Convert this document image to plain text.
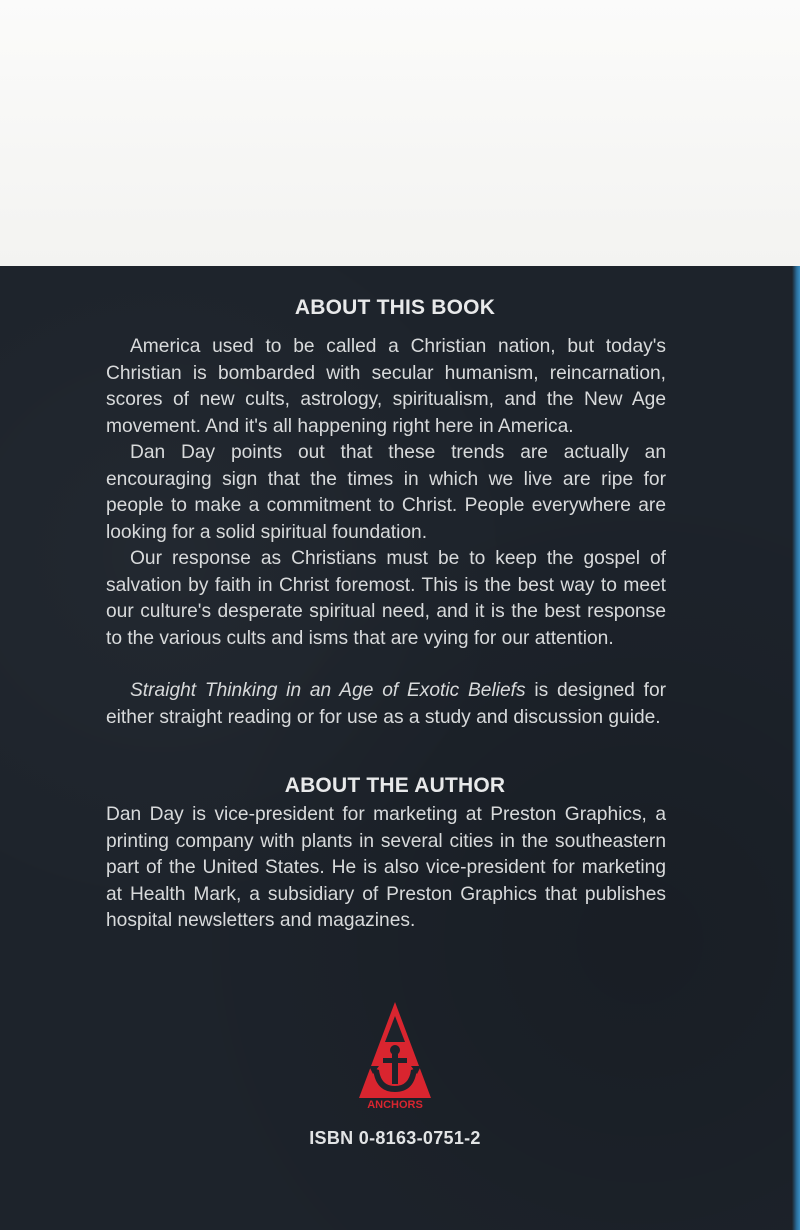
ABOUT THIS BOOK

America used to be called a Christian nation, but today's Christian is bombarded with secular humanism, reincarnation, scores of new cults, astrology, spiritualism, and the New Age movement. And it's all happening right here in America.

Dan Day points out that these trends are actually an encouraging sign that the times in which we live are ripe for people to make a commitment to Christ. People everywhere are looking for a solid spiritual foundation.

Our response as Christians must be to keep the gospel of salvation by faith in Christ foremost. This is the best way to meet our culture's desperate spiritual need, and it is the best response to the various cults and isms that are vying for our attention.

Straight Thinking in an Age of Exotic Beliefs is designed for either straight reading or for use as a study and discussion guide.

ABOUT THE AUTHOR

Dan Day is vice-president for marketing at Preston Graphics, a printing company with plants in several cities in the southeastern part of the United States. He is also vice-president for marketing at Health Mark, a subsidiary of Preston Graphics that publishes hospital newsletters and magazines.

ANCHORS
ISBN 0-8163-0751-2
